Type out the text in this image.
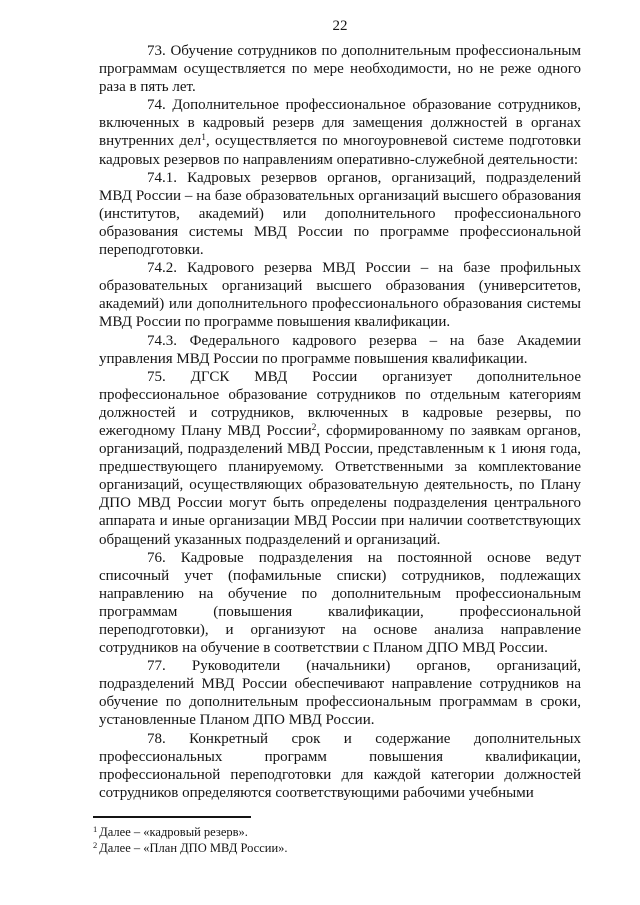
22

73. Обучение сотрудников по дополнительным профессиональным программам осуществляется по мере необходимости, но не реже одного раза в пять лет.

74. Дополнительное профессиональное образование сотрудников, включенных в кадровый резерв для замещения должностей в органах внутренних дел$^1$, осуществляется по многоуровневой системе подготовки кадровых резервов по направлениям оперативно-служебной деятельности:

74.1. Кадровых резервов органов, организаций, подразделений МВД России – на базе образовательных организаций высшего образования (институтов, академий) или дополнительного профессионального образования системы МВД России по программе профессиональной переподготовки.

74.2. Кадрового резерва МВД России – на базе профильных образовательных организаций высшего образования (университетов, академий) или дополнительного профессионального образования системы МВД России по программе повышения квалификации.

74.3. Федерального кадрового резерва – на базе Академии управления МВД России по программе повышения квалификации.

75. ДГСК МВД России организует дополнительное профессиональное образование сотрудников по отдельным категориям должностей и сотрудников, включенных в кадровые резервы, по ежегодному Плану МВД России$^2$, сформированному по заявкам органов, организаций, подразделений МВД России, представленным к 1 июня года, предшествующего планируемому. Ответственными за комплектование организаций, осуществляющих образовательную деятельность, по Плану ДПО МВД России могут быть определены подразделения центрального аппарата и иные организации МВД России при наличии соответствующих обращений указанных подразделений и организаций.

76. Кадровые подразделения на постоянной основе ведут списочный учет (пофамильные списки) сотрудников, подлежащих направлению на обучение по дополнительным профессиональным программам (повышения квалификации, профессиональной переподготовки), и организуют на основе анализа направление сотрудников на обучение в соответствии с Планом ДПО МВД России.

77. Руководители (начальники) органов, организаций, подразделений МВД России обеспечивают направление сотрудников на обучение по дополнительным профессиональным программам в сроки, установленные Планом ДПО МВД России.

78. Конкретный срок и содержание дополнительных профессиональных программ повышения квалификации, профессиональной переподготовки для каждой категории должностей сотрудников определяются соответствующими рабочими учебными

$^1$ Далее – «кадровый резерв».
$^2$ Далее – «План ДПО МВД России».
